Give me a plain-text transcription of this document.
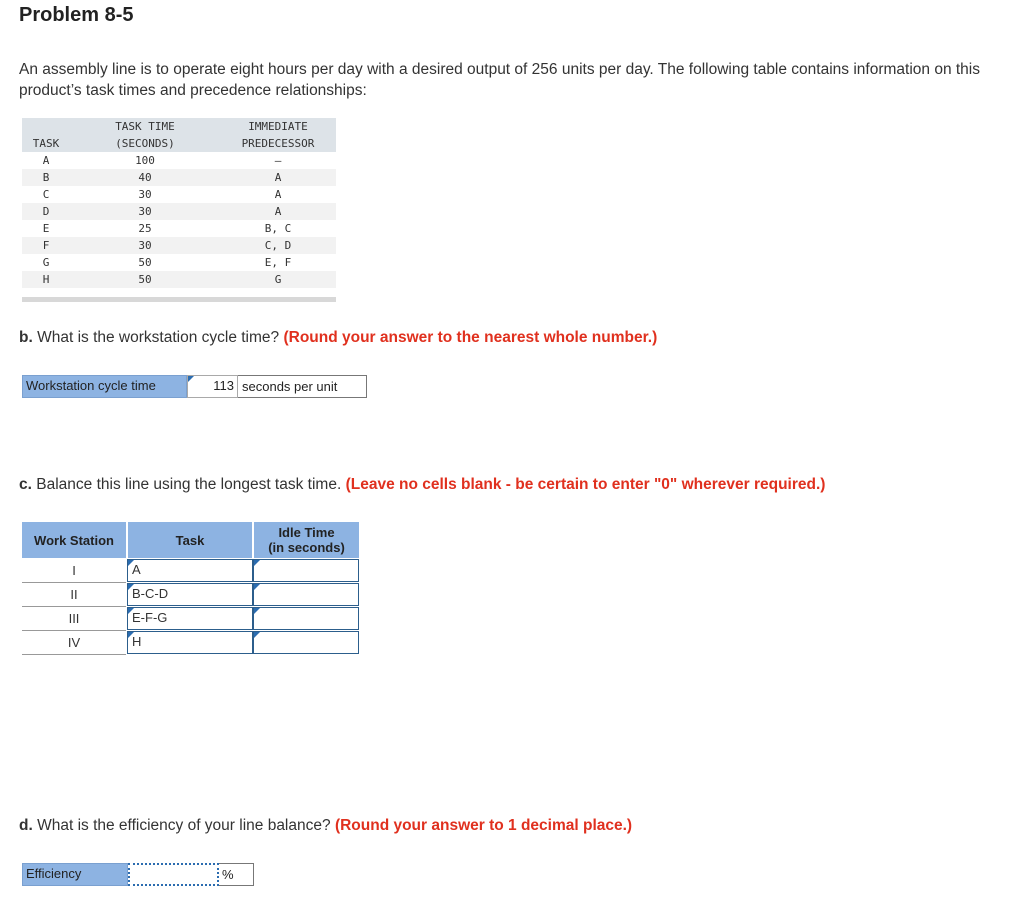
Problem 8-5
An assembly line is to operate eight hours per day with a desired output of 256 units per day. The following table contains information on this product’s task times and precedence relationships:
	TASK TIME	IMMEDIATE
TASK	(SECONDS)	PREDECESSOR
A	100	—
B	40	A
C	30	A
D	30	A
E	25	B, C
F	30	C, D
G	50	E, F
H	50	G
b. What is the workstation cycle time? (Round your answer to the nearest whole number.)
Workstation cycle time	113 seconds per unit
c. Balance this line using the longest task time. (Leave no cells blank - be certain to enter "0" wherever required.)
Work Station	Task	Idle Time
(in seconds)
I	A
II	B-C-D
III	E-F-G
IV	H
d. What is the efficiency of your line balance? (Round your answer to 1 decimal place.)
Efficiency	%
